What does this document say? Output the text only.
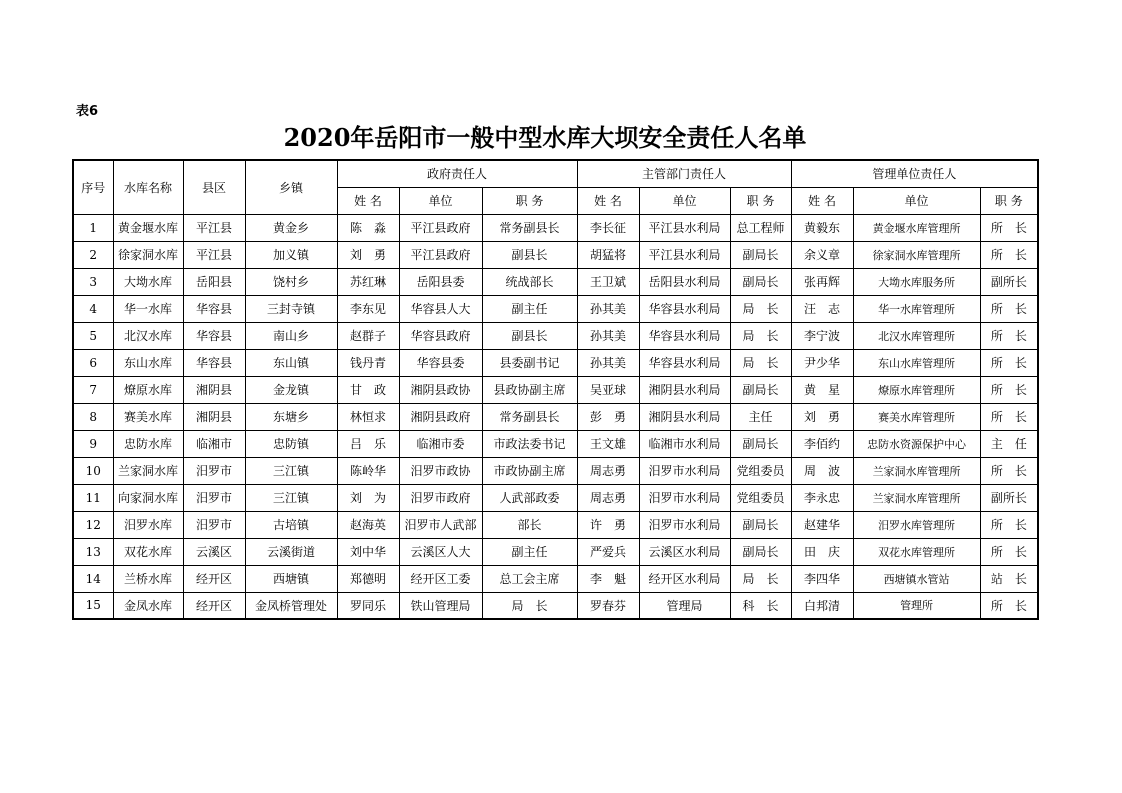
表6
2020年岳阳市一般中型水库大坝安全责任人名单
序号	水库名称	县区	乡镇	政府责任人			主管部门责任人			管理单位责任人		
				姓 名	单位	职 务	姓 名	单位	职 务	姓 名	单位	职 务
1	黄金堰水库	平江县	黄金乡	陈　淼	平江县政府	常务副县长	李长征	平江县水利局	总工程师	黄毅东	黄金堰水库管理所	所　长
2	徐家洞水库	平江县	加义镇	刘　勇	平江县政府	副县长	胡猛将	平江县水利局	副局长	余义章	徐家洞水库管理所	所　长
3	大坳水库	岳阳县	饶村乡	苏红琳	岳阳县委	统战部长	王卫斌	岳阳县水利局	副局长	张再辉	大坳水库服务所	副所长
4	华一水库	华容县	三封寺镇	李东见	华容县人大	副主任	孙其美	华容县水利局	局　长	汪　志	华一水库管理所	所　长
5	北汉水库	华容县	南山乡	赵群子	华容县政府	副县长	孙其美	华容县水利局	局　长	李宁波	北汉水库管理所	所　长
6	东山水库	华容县	东山镇	钱丹青	华容县委	县委副书记	孙其美	华容县水利局	局　长	尹少华	东山水库管理所	所　长
7	燎原水库	湘阴县	金龙镇	甘　政	湘阴县政协	县政协副主席	吴亚球	湘阴县水利局	副局长	黄　星	燎原水库管理所	所　长
8	赛美水库	湘阴县	东塘乡	林恒求	湘阴县政府	常务副县长	彭　勇	湘阴县水利局	主任	刘　勇	赛美水库管理所	所　长
9	忠防水库	临湘市	忠防镇	吕　乐	临湘市委	市政法委书记	王文雄	临湘市水利局	副局长	李佰约	忠防水资源保护中心	主　任
10	兰家洞水库	汨罗市	三江镇	陈岭华	汨罗市政协	市政协副主席	周志勇	汨罗市水利局	党组委员	周　波	兰家洞水库管理所	所　长
11	向家洞水库	汨罗市	三江镇	刘　为	汨罗市政府	人武部政委	周志勇	汨罗市水利局	党组委员	李永忠	兰家洞水库管理所	副所长
12	汨罗水库	汨罗市	古培镇	赵海英	汨罗市人武部	部长	许　勇	汨罗市水利局	副局长	赵建华	汨罗水库管理所	所　长
13	双花水库	云溪区	云溪街道	刘中华	云溪区人大	副主任	严爱兵	云溪区水利局	副局长	田　庆	双花水库管理所	所　长
14	兰桥水库	经开区	西塘镇	郑德明	经开区工委	总工会主席	李　魁	经开区水利局	局　长	李四华	西塘镇水管站	站　长
15	金凤水库	经开区	金凤桥管理处	罗同乐	铁山管理局	局　长	罗春芬	管理局	科　长	白邦清	管理所	所　长
